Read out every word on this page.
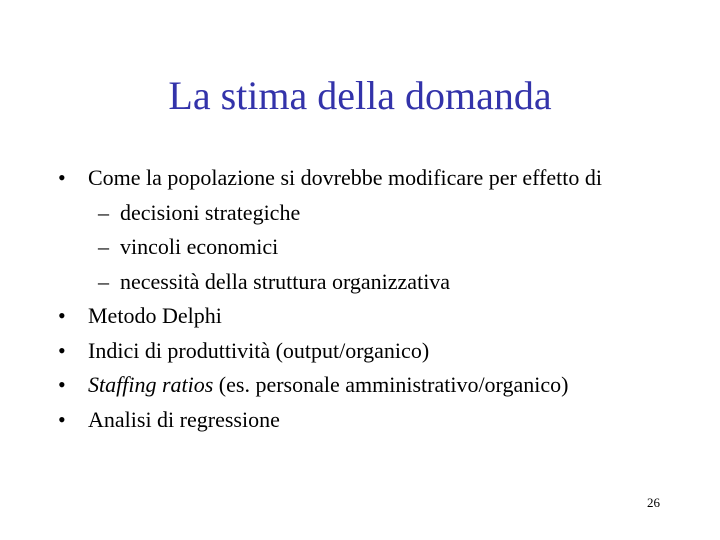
La stima della domanda
•	Come la popolazione si dovrebbe modificare per effetto di
– decisioni strategiche
– vincoli economici
– necessità della struttura organizzativa
•	Metodo Delphi
•	Indici di produttività (output/organico)
•	Staffing ratios (es. personale amministrativo/organico)
•	Analisi di regressione
26
